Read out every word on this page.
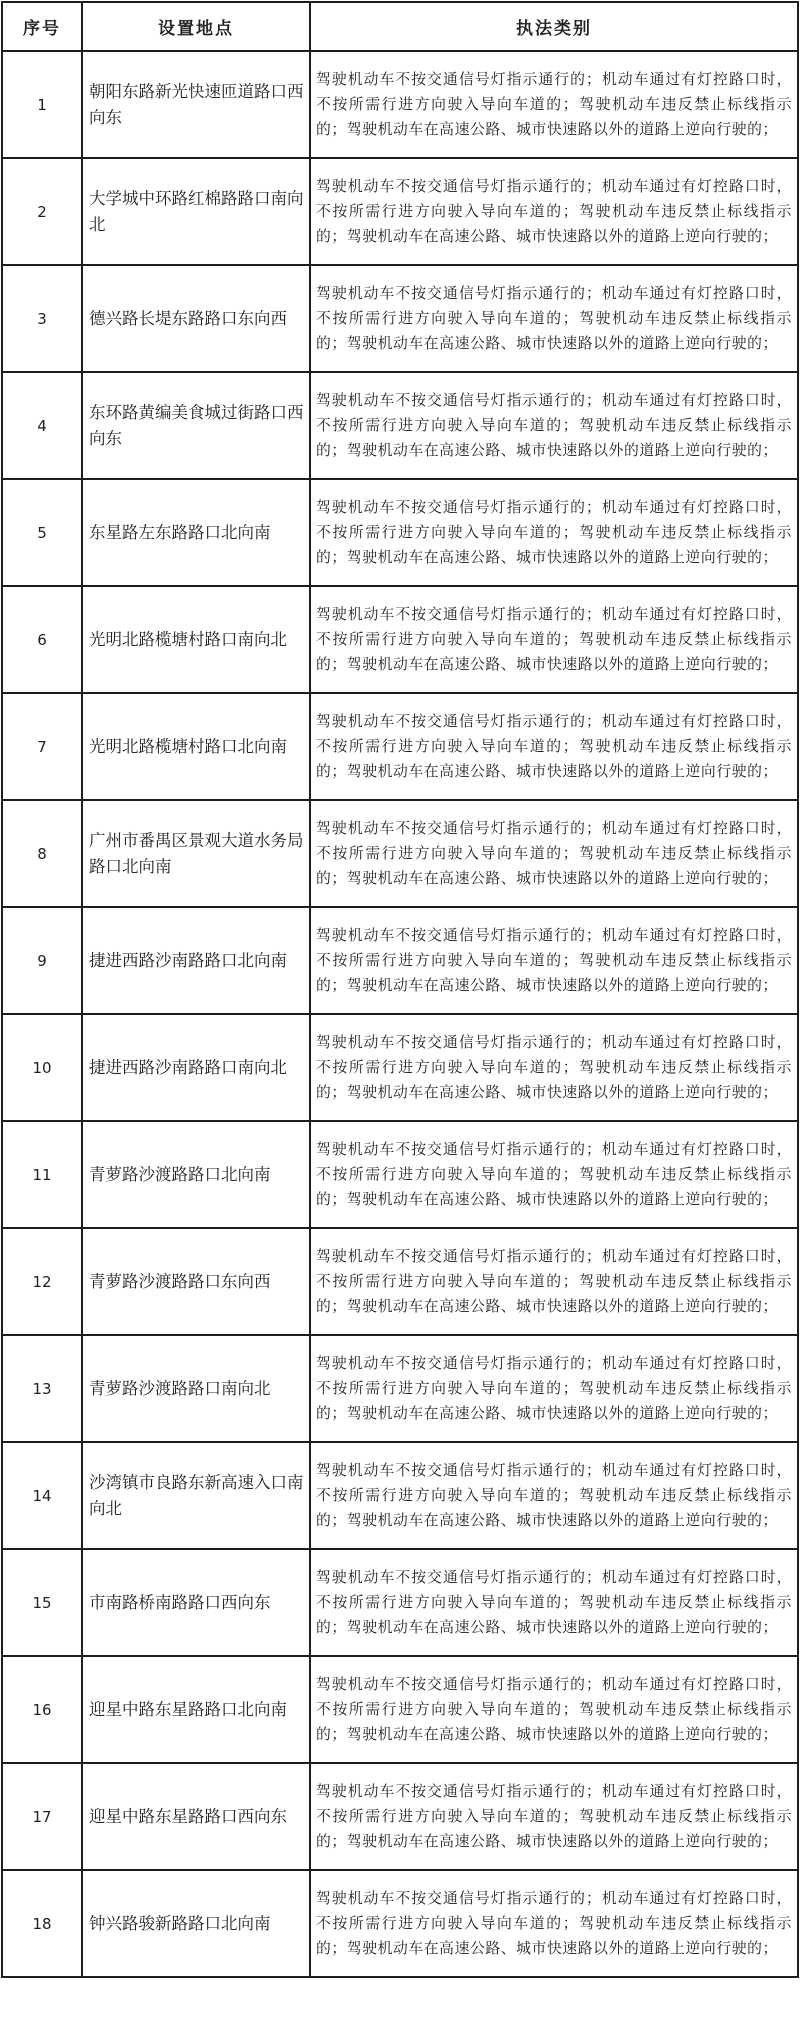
序号	设置地点	执法类别
1	朝阳东路新光快速匝道路口西向东	驾驶机动车不按交通信号灯指示通行的；机动车通过有灯控路口时，不按所需行进方向驶入导向车道的；驾驶机动车违反禁止标线指示的；驾驶机动车在高速公路、城市快速路以外的道路上逆向行驶的；
2	大学城中环路红棉路路口南向北	驾驶机动车不按交通信号灯指示通行的；机动车通过有灯控路口时，不按所需行进方向驶入导向车道的；驾驶机动车违反禁止标线指示的；驾驶机动车在高速公路、城市快速路以外的道路上逆向行驶的；
3	德兴路长堤东路路口东向西	驾驶机动车不按交通信号灯指示通行的；机动车通过有灯控路口时，不按所需行进方向驶入导向车道的；驾驶机动车违反禁止标线指示的；驾驶机动车在高速公路、城市快速路以外的道路上逆向行驶的；
4	东环路黄编美食城过街路口西向东	驾驶机动车不按交通信号灯指示通行的；机动车通过有灯控路口时，不按所需行进方向驶入导向车道的；驾驶机动车违反禁止标线指示的；驾驶机动车在高速公路、城市快速路以外的道路上逆向行驶的；
5	东星路左东路路口北向南	驾驶机动车不按交通信号灯指示通行的；机动车通过有灯控路口时，不按所需行进方向驶入导向车道的；驾驶机动车违反禁止标线指示的；驾驶机动车在高速公路、城市快速路以外的道路上逆向行驶的；
6	光明北路榄塘村路口南向北	驾驶机动车不按交通信号灯指示通行的；机动车通过有灯控路口时，不按所需行进方向驶入导向车道的；驾驶机动车违反禁止标线指示的；驾驶机动车在高速公路、城市快速路以外的道路上逆向行驶的；
7	光明北路榄塘村路口北向南	驾驶机动车不按交通信号灯指示通行的；机动车通过有灯控路口时，不按所需行进方向驶入导向车道的；驾驶机动车违反禁止标线指示的；驾驶机动车在高速公路、城市快速路以外的道路上逆向行驶的；
8	广州市番禺区景观大道水务局路口北向南	驾驶机动车不按交通信号灯指示通行的；机动车通过有灯控路口时，不按所需行进方向驶入导向车道的；驾驶机动车违反禁止标线指示的；驾驶机动车在高速公路、城市快速路以外的道路上逆向行驶的；
9	捷进西路沙南路路口北向南	驾驶机动车不按交通信号灯指示通行的；机动车通过有灯控路口时，不按所需行进方向驶入导向车道的；驾驶机动车违反禁止标线指示的；驾驶机动车在高速公路、城市快速路以外的道路上逆向行驶的；
10	捷进西路沙南路路口南向北	驾驶机动车不按交通信号灯指示通行的；机动车通过有灯控路口时，不按所需行进方向驶入导向车道的；驾驶机动车违反禁止标线指示的；驾驶机动车在高速公路、城市快速路以外的道路上逆向行驶的；
11	青萝路沙渡路路口北向南	驾驶机动车不按交通信号灯指示通行的；机动车通过有灯控路口时，不按所需行进方向驶入导向车道的；驾驶机动车违反禁止标线指示的；驾驶机动车在高速公路、城市快速路以外的道路上逆向行驶的；
12	青萝路沙渡路路口东向西	驾驶机动车不按交通信号灯指示通行的；机动车通过有灯控路口时，不按所需行进方向驶入导向车道的；驾驶机动车违反禁止标线指示的；驾驶机动车在高速公路、城市快速路以外的道路上逆向行驶的；
13	青萝路沙渡路路口南向北	驾驶机动车不按交通信号灯指示通行的；机动车通过有灯控路口时，不按所需行进方向驶入导向车道的；驾驶机动车违反禁止标线指示的；驾驶机动车在高速公路、城市快速路以外的道路上逆向行驶的；
14	沙湾镇市良路东新高速入口南向北	驾驶机动车不按交通信号灯指示通行的；机动车通过有灯控路口时，不按所需行进方向驶入导向车道的；驾驶机动车违反禁止标线指示的；驾驶机动车在高速公路、城市快速路以外的道路上逆向行驶的；
15	市南路桥南路路口西向东	驾驶机动车不按交通信号灯指示通行的；机动车通过有灯控路口时，不按所需行进方向驶入导向车道的；驾驶机动车违反禁止标线指示的；驾驶机动车在高速公路、城市快速路以外的道路上逆向行驶的；
16	迎星中路东星路路口北向南	驾驶机动车不按交通信号灯指示通行的；机动车通过有灯控路口时，不按所需行进方向驶入导向车道的；驾驶机动车违反禁止标线指示的；驾驶机动车在高速公路、城市快速路以外的道路上逆向行驶的；
17	迎星中路东星路路口西向东	驾驶机动车不按交通信号灯指示通行的；机动车通过有灯控路口时，不按所需行进方向驶入导向车道的；驾驶机动车违反禁止标线指示的；驾驶机动车在高速公路、城市快速路以外的道路上逆向行驶的；
18	钟兴路骏新路路口北向南	驾驶机动车不按交通信号灯指示通行的；机动车通过有灯控路口时，不按所需行进方向驶入导向车道的；驾驶机动车违反禁止标线指示的；驾驶机动车在高速公路、城市快速路以外的道路上逆向行驶的；
